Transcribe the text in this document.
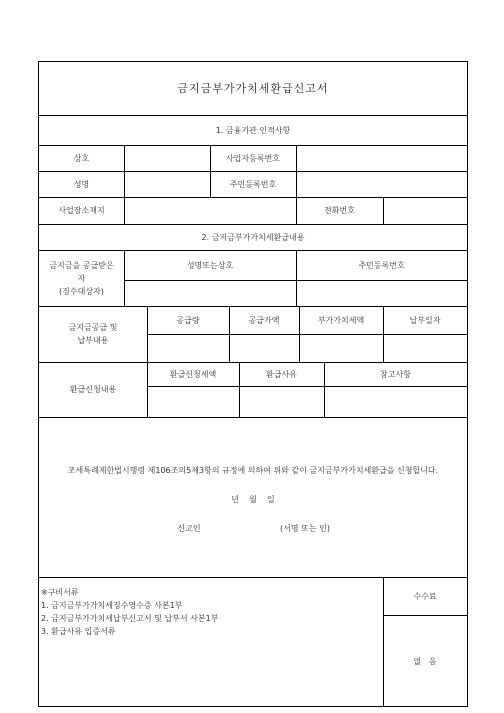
금지금부가가치세환급신고서
1. 금융기관 인적사항
상호	사업자등록번호
성명	주민등록번호
사업장소재지	전화번호
2. 금지금부가가치세환급내용
금지금을 공급받은
자
(징수대상자)
성명또는상호	주민등록번호
금지금공급 및
납부내용
공급량	공급가액	부가가치세액	납부일자
환급신청내용
환급신청세액	환급사유	참고사항
조세특례제한법시행령 제106조의5제3항의 규정에 의하여 위와 같이 금지금부가가치세환급을 신청합니다.
년    월    일
신고인	(서명 또는 인)
※구비서류
1. 금지금부가가치세징수영수증 사본1부
2. 금지금부가가치세납부신고서 및 납부서 사본1부
3. 환급사유 입증서류
수수료
없   음
